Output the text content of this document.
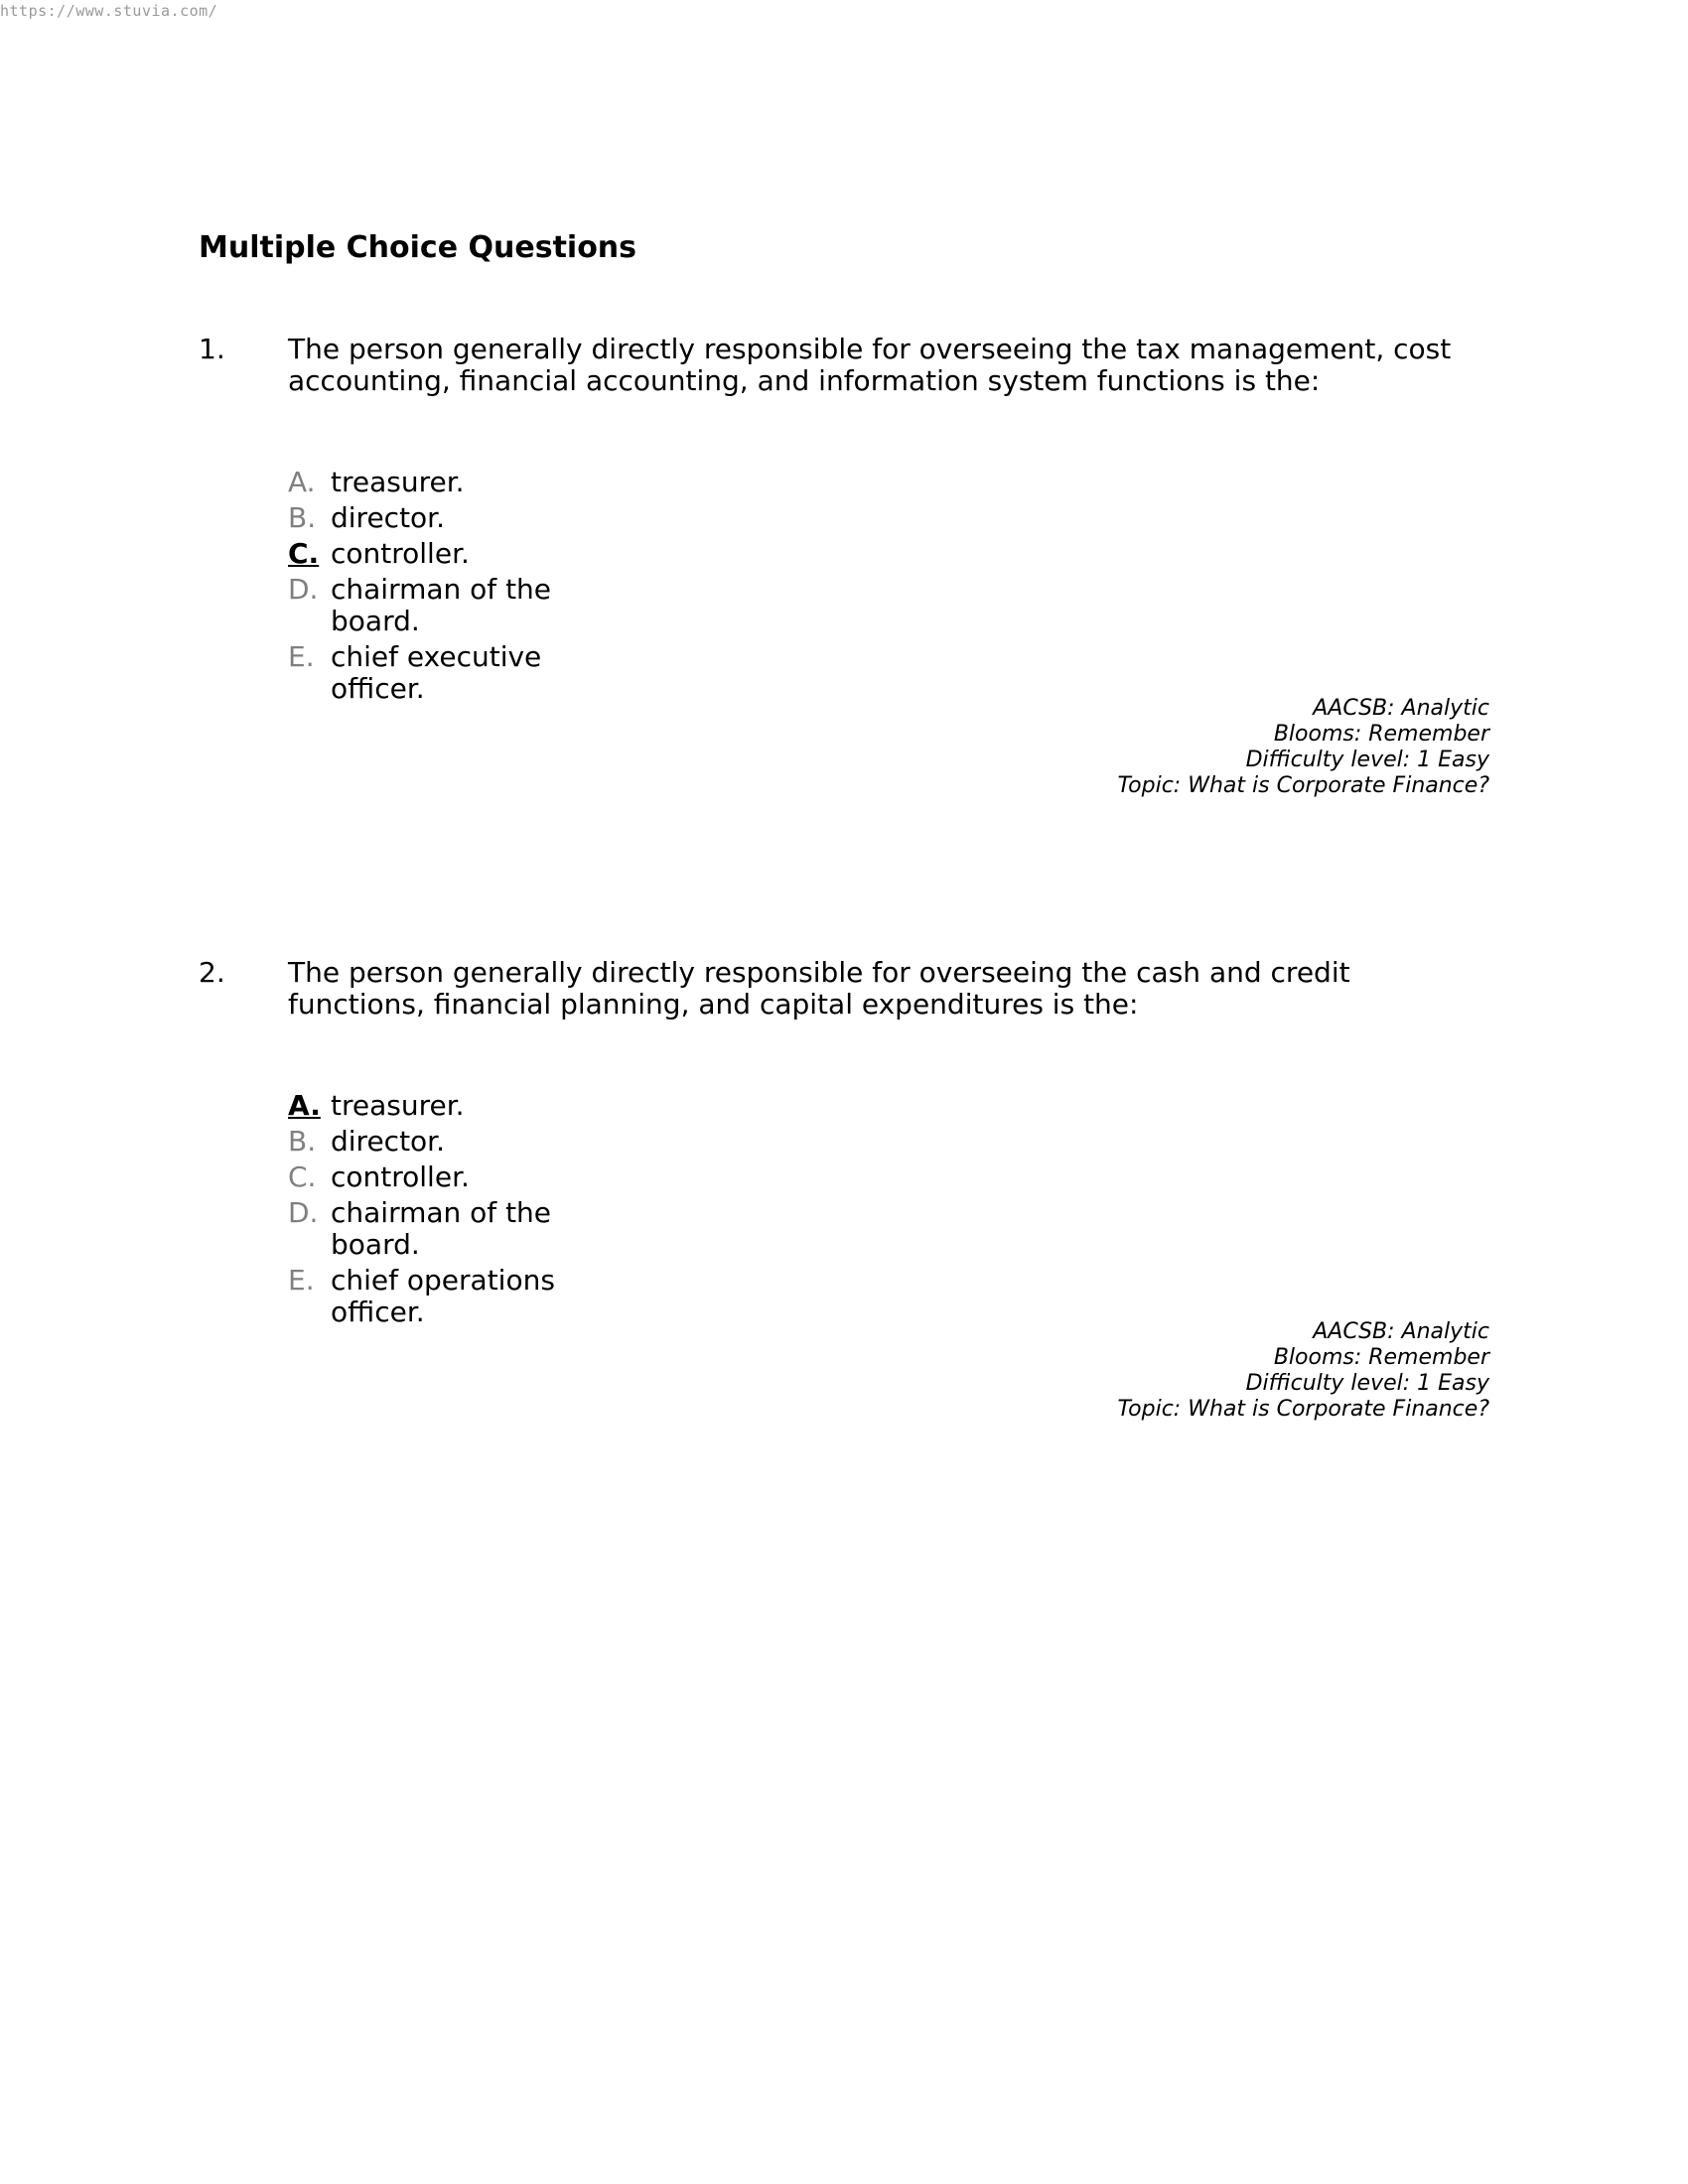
https://www.stuvia.com/
Multiple Choice Questions
1. The person generally directly responsible for overseeing the tax management, cost accounting, financial accounting, and information system functions is the:

A. treasurer.
B. director.
C. controller.
D. chairman of the board.
E. chief executive officer.
AACSB: Analytic
Blooms: Remember
Difficulty level: 1 Easy
Topic: What is Corporate Finance?
2. The person generally directly responsible for overseeing the cash and credit functions, financial planning, and capital expenditures is the:

A. treasurer.
B. director.
C. controller.
D. chairman of the board.
E. chief operations officer.
AACSB: Analytic
Blooms: Remember
Difficulty level: 1 Easy
Topic: What is Corporate Finance?
